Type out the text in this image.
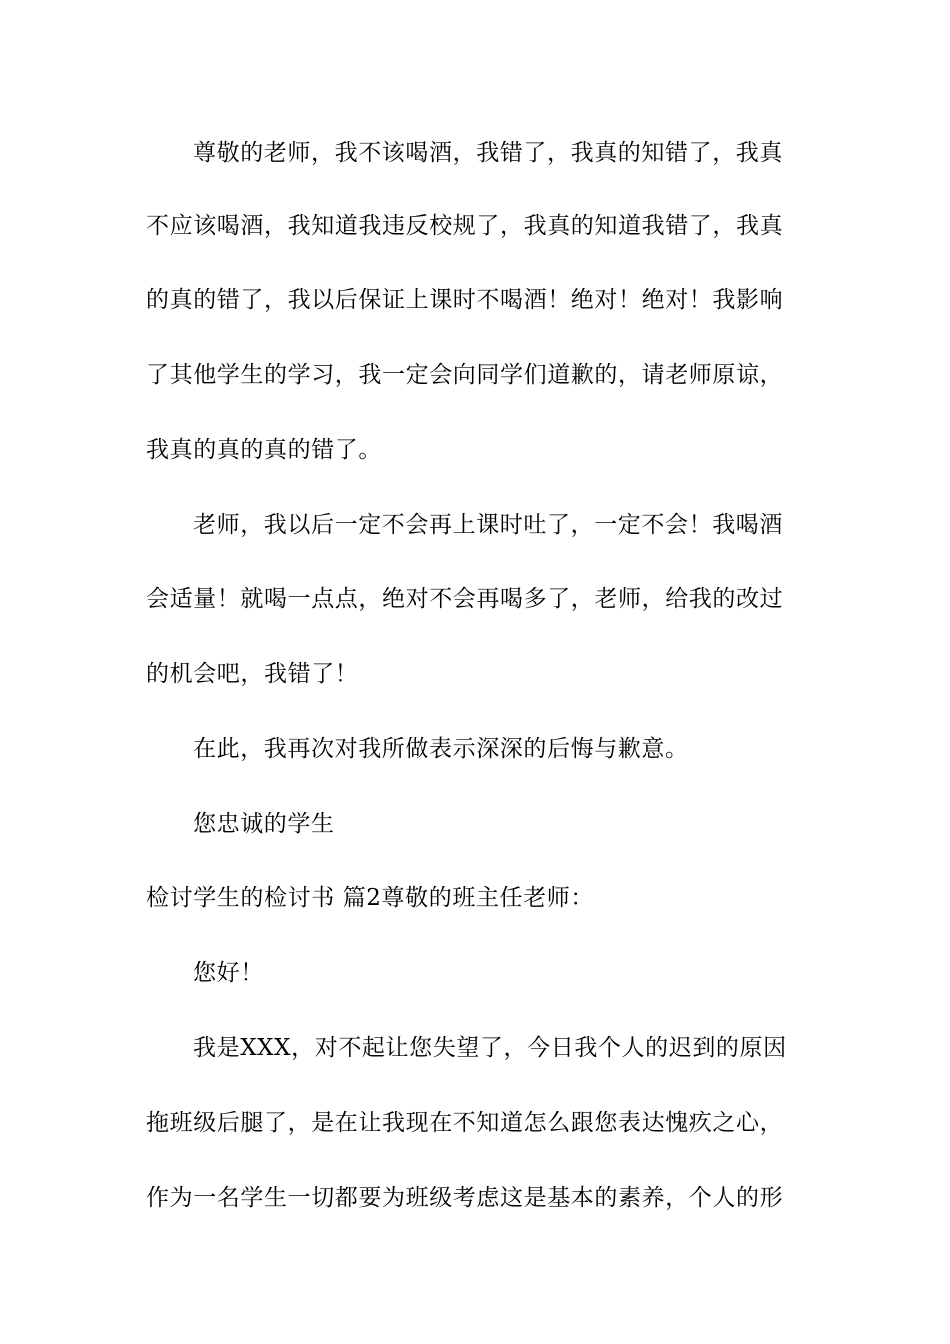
尊敬的老师，我不该喝酒，我错了，我真的知错了，我真
不应该喝酒，我知道我违反校规了，我真的知道我错了，我真
的真的错了，我以后保证上课时不喝酒！绝对！绝对！我影响
了其他学生的学习，我一定会向同学们道歉的，请老师原谅，
我真的真的真的错了。
老师，我以后一定不会再上课时吐了，一定不会！我喝酒
会适量！就喝一点点，绝对不会再喝多了，老师，给我的改过
的机会吧，我错了！
在此，我再次对我所做表示深深的后悔与歉意。
您忠诚的学生
检讨学生的检讨书 篇2尊敬的班主任老师：
您好！
我是XXX，对不起让您失望了，今日我个人的迟到的原因
拖班级后腿了，是在让我现在不知道怎么跟您表达愧疚之心，
作为一名学生一切都要为班级考虑这是基本的素养，个人的形
